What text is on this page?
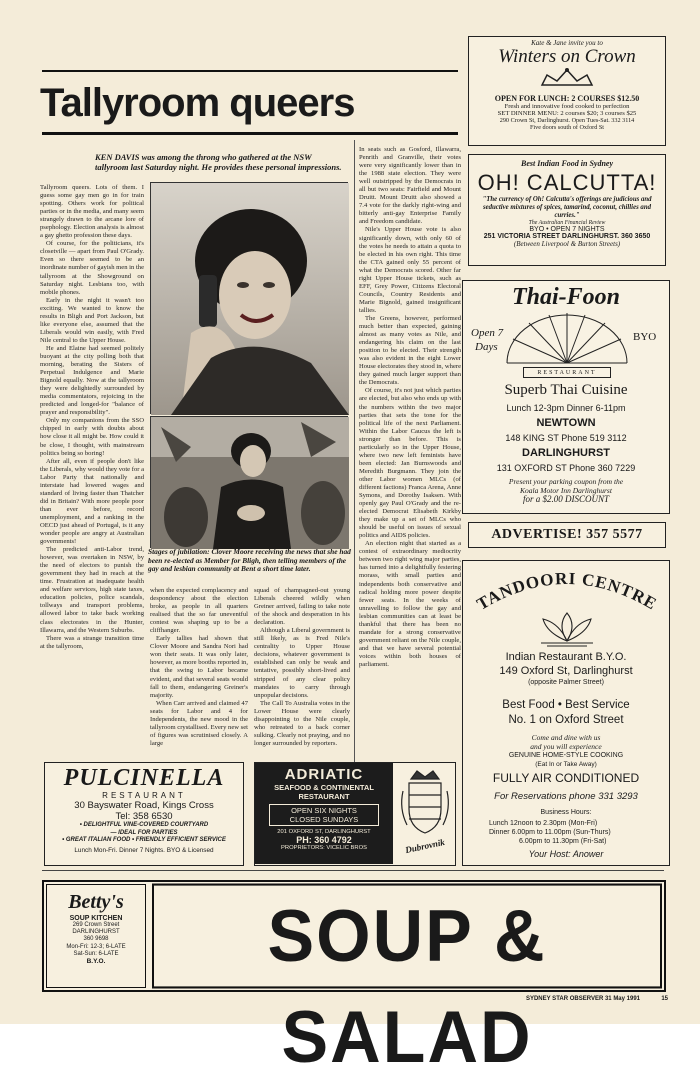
Tallyroom queers
KEN DAVIS was among the throng who gathered at the NSW tallyroom last Saturday night. He provides these personal impressions.

Tallyroom queers. Lots of them. I guess some gay men go in for train spotting. Others work for political parties or in the media, and many seem strangely drawn to the arcane lore of psephology. Election analysis is almost a gay ghetto profession these days.

Of course, for the politicians, it's closetville — apart from Paul O'Grady. Even so there seemed to be an inordinate number of gayish men in the tallyroom at the Showground on Saturday night. Lesbians too, with mobile phones.

Early in the night it wasn't too exciting. We wanted to know the results in Bligh and Port Jackson, but like everyone else, assumed that the Liberals would win easily, with Fred Nile central to the Upper House.

He and Elaine had seemed politely buoyant at the city polling both that morning, berating the Sisters of Perpetual Indulgence and Marie Bignold equally. Now at the tallyroom they were delightedly surrounded by media commentators, rejoicing in the predicted and longed-for "balance of prayer and responsibility".

Only my companions from the SSO chipped in early with doubts about how close it all might be. How could it be close, I thought, with mainstream politics being so boring!

After all, even if people don't like the Liberals, why would they vote for a Labor Party that nationally and interstate had lowered wages and standard of living faster than Thatcher did in Britain? With more people poor than ever before, record unemployment, and a ranking in the OECD just ahead of Portugal, is it any wonder people are angry at Australian governments!

The predicted anti-Labor trend, however, was overtaken in NSW, by the need of electors to punish the government they had in reach at the time. Frustration at inadequate health and welfare services, high state taxes, education policies, police scandals, tollways and transport problems, allowed labor to take back working class electorates in the Hunter, Illawarra, and the Western Suburbs.

There was a strange transition time at the tallyroom,

Stages of jubilation: Clover Moore receiving the news that she had been re-elected as Member for Bligh, then telling members of the gay and lesbian community at Bent a short time later.

when the expected complacency and despondency about the election broke, as people in all quarters realised that the so far uneventful contest was shaping up to be a cliffhanger.

Early tallies had shown that Clover Moore and Sandra Nori had won their seats. It was only later, however, as more booths reported in, that the swing to Labor became evident, and that several seats would fall to them, endangering Greiner's majority.

When Carr arrived and claimed 47 seats for Labor and 4 for Independents, the new mood in the tallyroom crystallised. Every new set of figures was scrutinised closely. A large

squad of champagned-out young Liberals cheered wildly when Greiner arrived, failing to take note of the shock and desperation in his declaration.

Although a Liberal government is still likely, as is Fred Nile's centrality to Upper House decisions, whatever government is established can only be weak and tentative, possibly short-lived and stripped of any clear policy mandates to carry through unpopular decisions.

The Call To Australia votes in the Lower House were clearly disappointing to the Nile couple, who retreated to a back corner sulking. Clearly not praying, and no longer surrounded by reporters.

In seats such as Gosford, Illawarra, Penrith and Granville, their votes were very significantly lower than in the 1988 state election. They were well outstripped by the Democrats in all but two seats: Fairfield and Mount Druitt. Mount Druitt also showed a 7.4 vote for the darkly right-wing and bitterly anti-gay Enterprise Family and Freedom candidate.

Nile's Upper House vote is also significantly down, with only 60 of the votes he needs to attain a quota to be elected in his own right. This time the CTA gained only 55 percent of what the Democrats scored. Other far right Upper House tickets, such as EFF, Grey Power, Citizens Electoral Councils, Country Residents and Marie Bignold, gained insignificant tallies.

The Greens, however, performed much better than expected, gaining almost as many votes as Nile, and endangering his claim on the last position to be elected. Their strength was also evident in the eight Lower House electorates they stood in, where they gained much larger support than the Democrats.

Of course, it's not just which parties are elected, but also who ends up with the numbers within the two major parties that sets the tone for the political life of the next Parliament. Within the Labor Caucus the left is stronger than before. This is particularly so in the Upper House, where two new left feminists have been elected: Jan Burnswoods and Meredith Burgmann. They join the other Labor women MLCs (of different factions) Franca Arena, Anne Symons, and Dorothy Isaksen. With openly gay Paul O'Grady and the re-elected Democrat Elisabeth Kirkby they make up a set of MLCs who should be useful on issues of sexual politics and AIDS policies.

An election night that started as a contest of extraordinary mediocrity between two right wing major parties, has turned into a delightfully festering morass, with small parties and independents both conservative and radical holding more power despite fewer seats. In the weeks of unravelling to follow the gay and lesbian communities can at least be thankful that there has been no mandate for a strong conservative government reliant on the Nile couple, and that we have several potential voices within both houses of parliament.

Kate & Jane invite you to
Winters on Crown
OPEN FOR LUNCH: 2 COURSES $12.50
Fresh and innovative food cooked to perfection
SET DINNER MENU: 2 courses $20; 3 courses $25
290 Crown St, Darlinghurst. Open Tues-Sat. 332 3114
Five doors south of Oxford St
Best Indian Food in Sydney
OH! CALCUTTA!
"The currency of Oh! Calcutta's offerings are judicious and seductive mixtures of spices, tamarind, coconut, chillies and curries."
The Australian Financial Review
BYO • OPEN 7 NIGHTS
251 VICTORIA STREET DARLINGHURST. 360 3650
(Between Liverpool & Burton Streets)
Thai-Foon
Open 7
Days
BYO
RESTAURANT
Superb Thai Cuisine
Lunch 12-3pm Dinner 6-11pm
NEWTOWN
148 KING ST Phone 519 3112
DARLINGHURST
131 OXFORD ST Phone 360 7229
Present your parking coupon from the
Koala Motor Inn Darlinghurst
for a $2.00 DISCOUNT
ADVERTISE! 357 5577
TANDOORI CENTRE
Indian Restaurant B.Y.O.
149 Oxford St, Darlinghurst
(opposite Palmer Street)
Best Food • Best Service
No. 1 on Oxford Street
Come and dine with us
and you will experience
GENUINE HOME-STYLE COOKING
(Eat In or Take Away)
FULLY AIR CONDITIONED
For Reservations phone 331 3293
Business Hours:
Lunch 12noon to 2.30pm (Mon-Fri)
Dinner 6.00pm to 11.00pm (Sun-Thurs)
6.00pm to 11.30pm (Fri-Sat)
Your Host: Anower
PULCINELLA
RESTAURANT
30 Bayswater Road, Kings Cross
Tel: 358 6530
• DELIGHTFUL VINE-COVERED COURTYARD
— IDEAL FOR PARTIES
• GREAT ITALIAN FOOD • FRIENDLY EFFICIENT SERVICE
Lunch Mon-Fri. Dinner 7 Nights. BYO & Licensed
ADRIATIC
SEAFOOD & CONTINENTAL
RESTAURANT
OPEN SIX NIGHTS
CLOSED SUNDAYS
201 OXFORD ST, DARLINGHURST
PH: 360 4792
PROPRIETORS: VICELIC BROS	Dubrovnik
Betty's
SOUP KITCHEN
269 Crown Street
DARLINGHURST
360 9698
Mon-Fri: 12-3; 6-LATE
Sat-Sun: 6-LATE
B.Y.O.	SOUP & SALAD
SYDNEY STAR OBSERVER 31 May 1991	15
